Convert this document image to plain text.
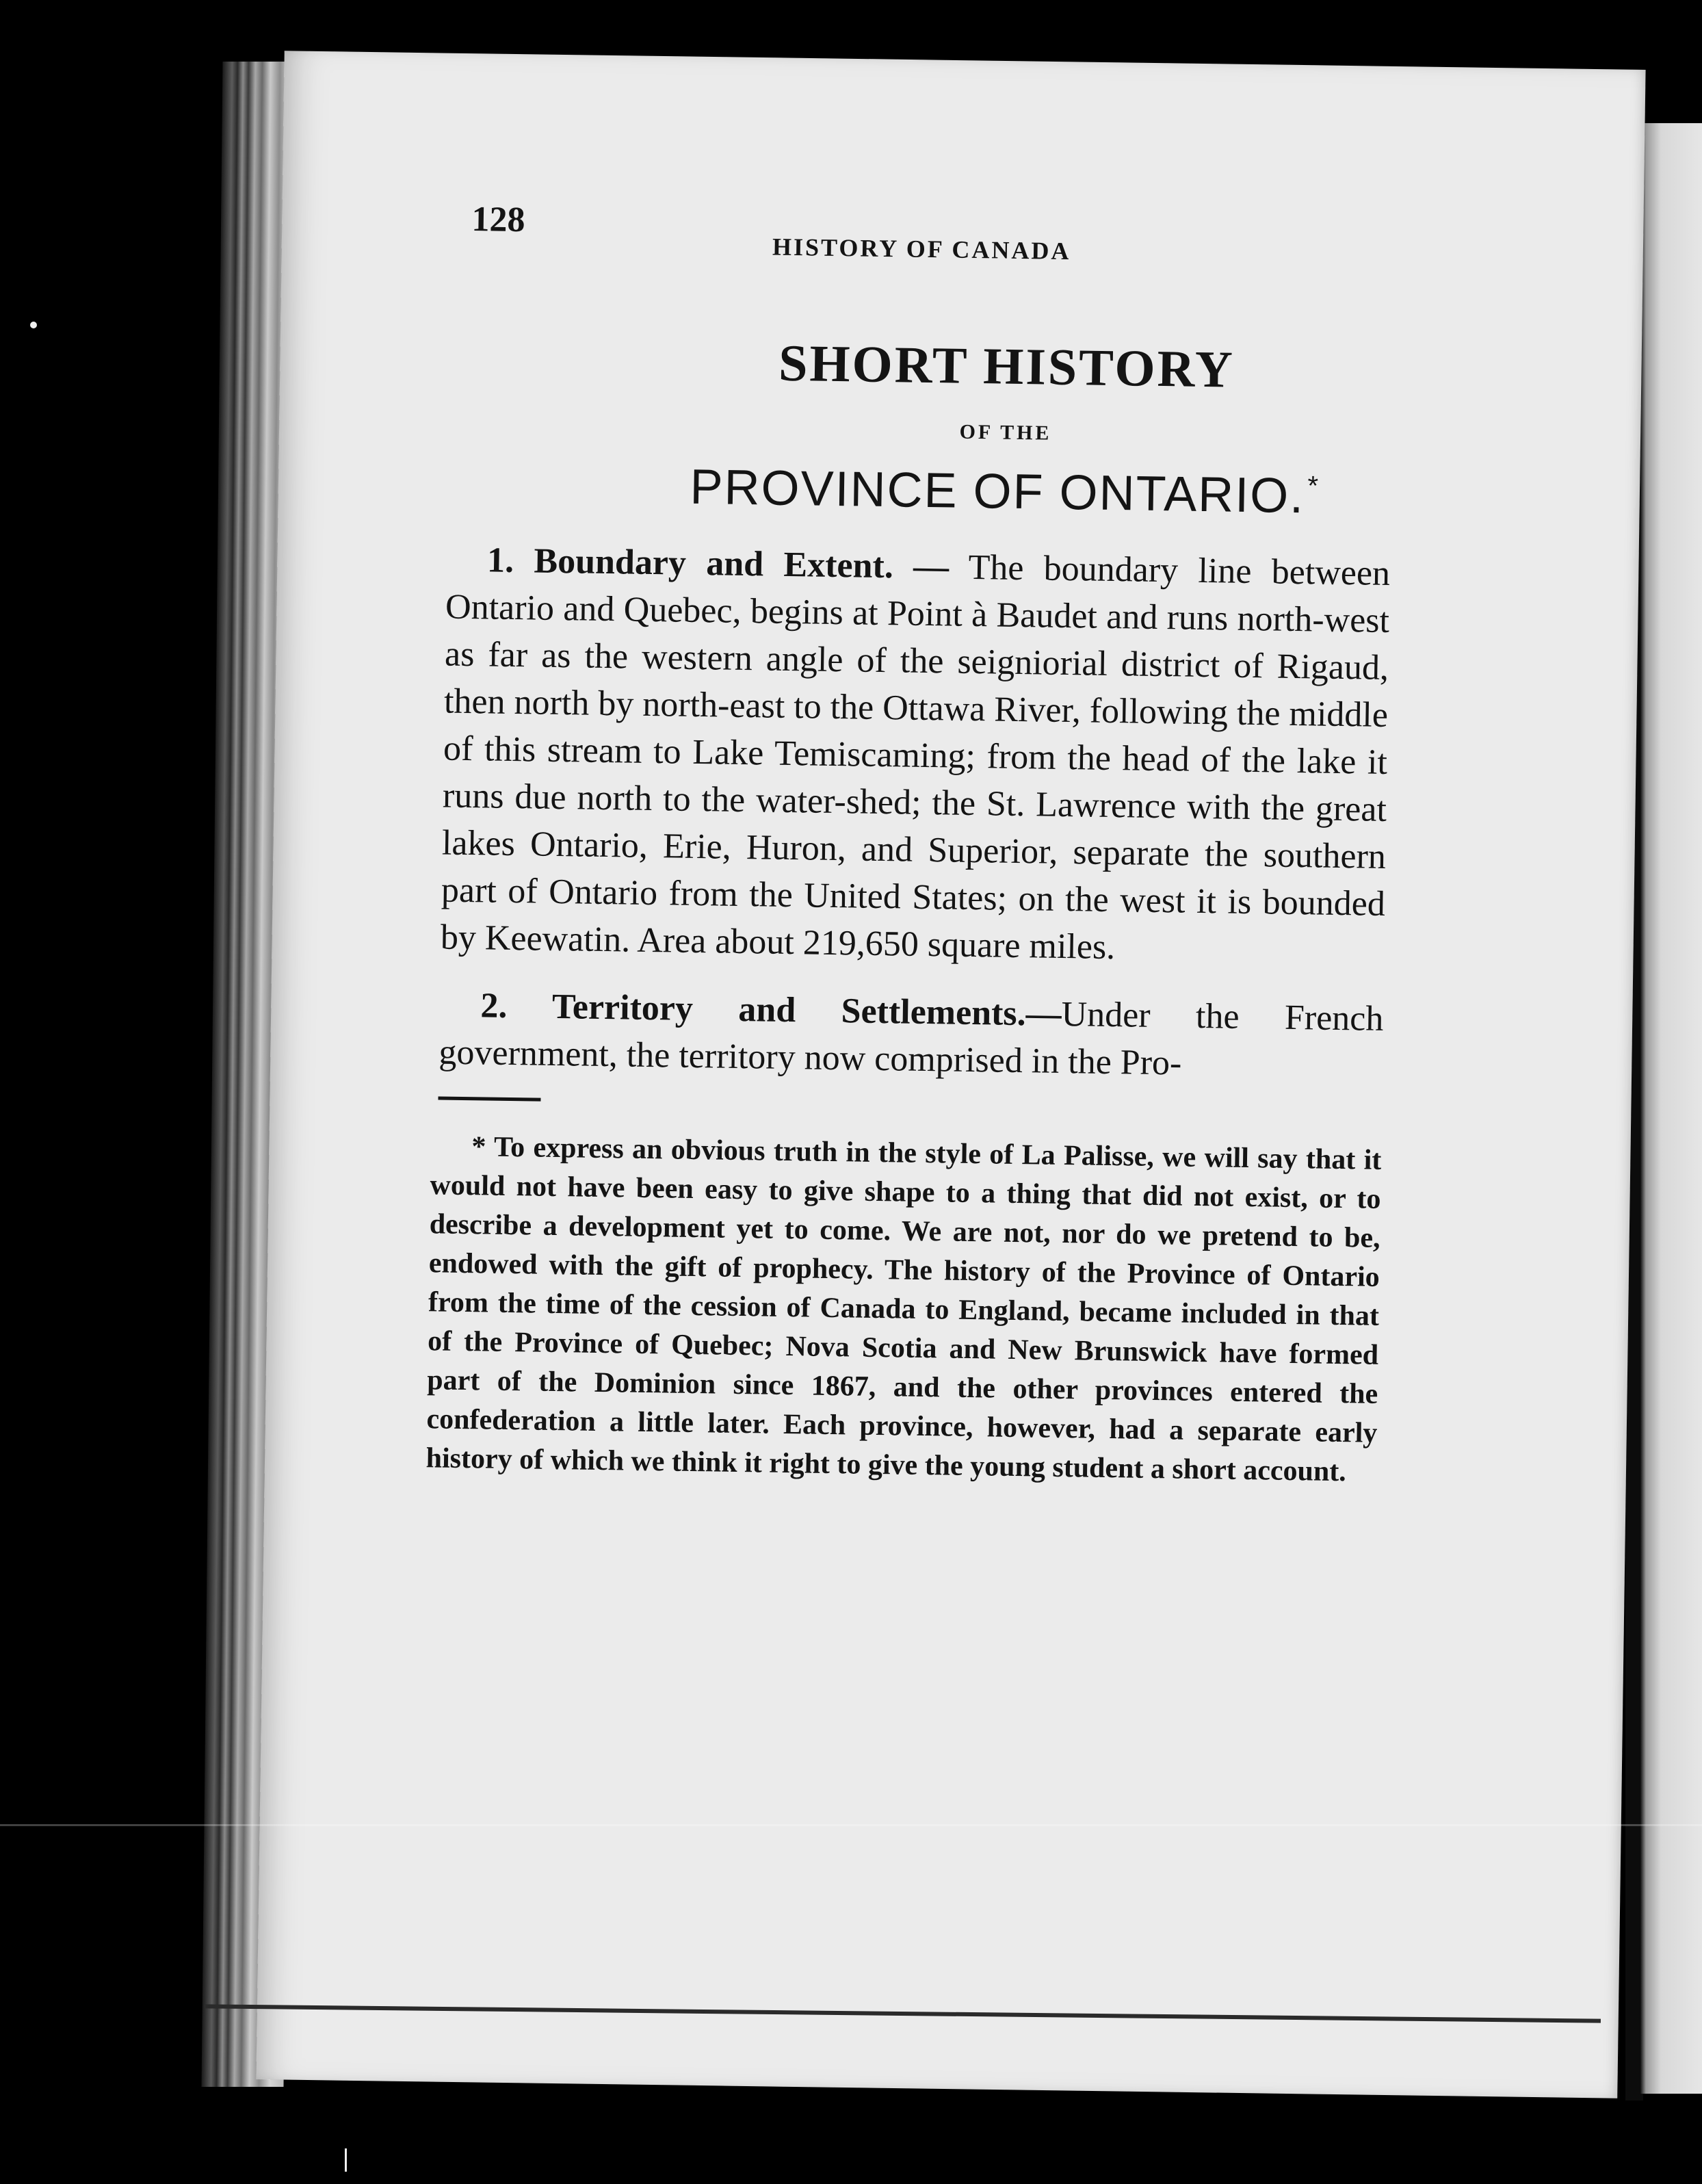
128
HISTORY OF CANADA
SHORT HISTORY
OF THE
PROVINCE OF ONTARIO.*

1. Boundary and Extent. — The boundary line between Ontario and Quebec, begins at Point à Baudet and runs north-west as far as the western angle of the seigniorial district of Rigaud, then north by north-east to the Ottawa River, following the middle of this stream to Lake Temiscaming; from the head of the lake it runs due north to the water-shed; the St. Lawrence with the great lakes Ontario, Erie, Huron, and Superior, separate the southern part of Ontario from the United States; on the west it is bounded by Keewatin. Area about 219,650 square miles.

2. Territory and Settlements.—Under the French government, the territory now comprised in the Pro-

* To express an obvious truth in the style of La Palisse, we will say that it would not have been easy to give shape to a thing that did not exist, or to describe a development yet to come. We are not, nor do we pretend to be, endowed with the gift of prophecy. The history of the Province of Ontario from the time of the cession of Canada to England, became included in that of the Province of Quebec; Nova Scotia and New Brunswick have formed part of the Dominion since 1867, and the other provinces entered the confederation a little later. Each province, however, had a separate early history of which we think it right to give the young student a short account.
